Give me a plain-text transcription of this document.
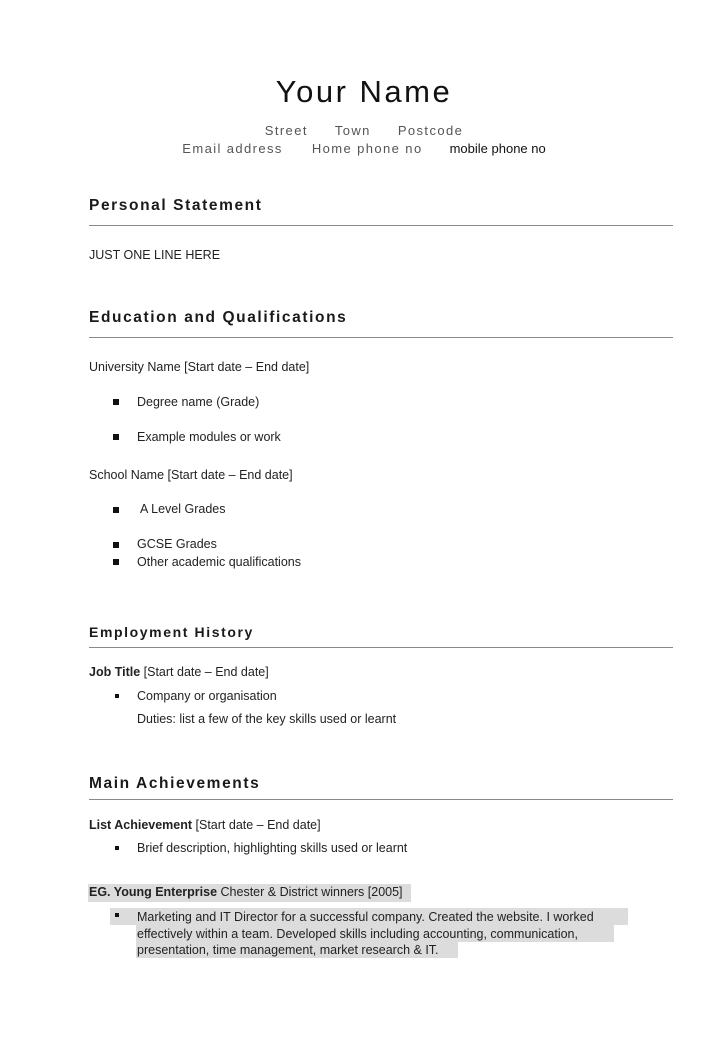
Your Name
Street Town Postcode
Email address Home phone no mobile phone no
Personal Statement
JUST ONE LINE HERE
Education and Qualifications
University Name [Start date – End date]
Degree name (Grade)
Example modules or work
School Name [Start date – End date]
A Level Grades
GCSE Grades
Other academic qualifications
Employment History
Job Title [Start date – End date]
Company or organisation
Duties: list a few of the key skills used or learnt
Main Achievements
List Achievement [Start date – End date]
Brief description, highlighting skills used or learnt
EG. Young Enterprise Chester & District winners [2005]
Marketing and IT Director for a successful company. Created the website. I worked
effectively within a team. Developed skills including accounting, communication,
presentation, time management, market research & IT.
